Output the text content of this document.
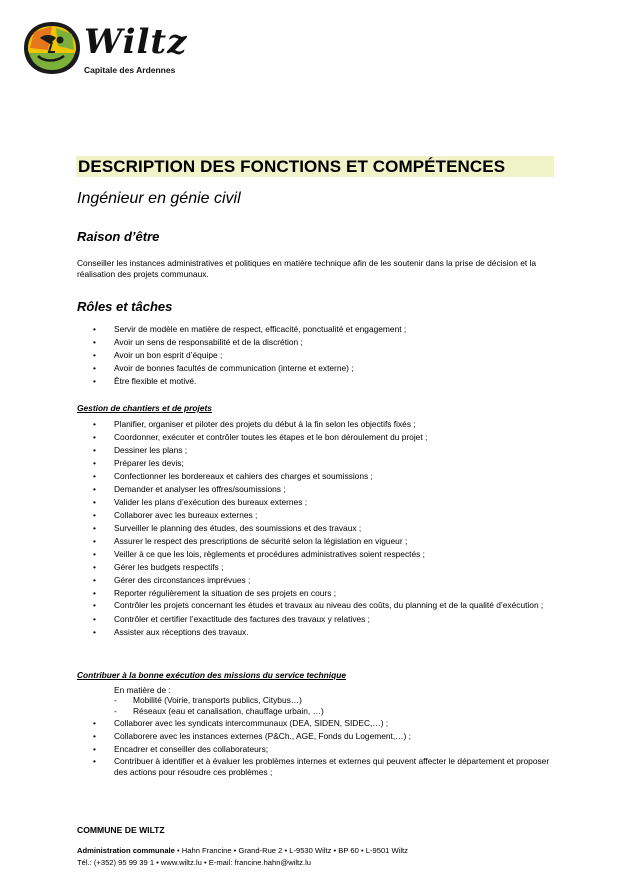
Wiltz
Capitale des Ardennes
DESCRIPTION DES FONCTIONS ET COMPÉTENCES
Ingénieur en génie civil
Raison d’être
Conseiller les instances administratives et politiques en matière technique afin de les soutenir dans la prise de décision et la réalisation des projets communaux.
Rôles et tâches
• Servir de modèle en matière de respect, efficacité, ponctualité et engagement ;
• Avoir un sens de responsabilité et de la discrétion ;
• Avoir un bon esprit d’équipe ;
• Avoir de bonnes facultés de communication (interne et externe) ;
• Être flexible et motivé.
Gestion de chantiers et de projets
• Planifier, organiser et piloter des projets du début à la fin selon les objectifs fixés ;
• Coordonner, exécuter et contrôler toutes les étapes et le bon déroulement du projet ;
• Dessiner les plans ;
• Préparer les devis;
• Confectionner les bordereaux et cahiers des charges et soumissions ;
• Demander et analyser les offres/soumissions ;
• Valider les plans d’exécution des bureaux externes ;
• Collaborer avec les bureaux externes ;
• Surveiller le planning des études, des soumissions et des travaux ;
• Assurer le respect des prescriptions de sécurité selon la législation en vigueur ;
• Veiller à ce que les lois, règlements et procédures administratives soient respectés ;
• Gérer les budgets respectifs ;
• Gérer des circonstances imprévues ;
• Reporter régulièrement la situation de ses projets en cours ;
• Contrôler les projets concernant les études et travaux au niveau des coûts, du planning et de la qualité d’exécution ;
• Contrôler et certifier l’exactitude des factures des travaux y relatives ;
• Assister aux réceptions des travaux.
Contribuer à la bonne exécution des missions du service technique
En matière de :
- Mobilité (Voirie, transports publics, Citybus…)
- Réseaux (eau et canalisation, chauffage urbain, …)
• Collaborer avec les syndicats intercommunaux (DEA, SIDEN, SIDEC,…) ;
• Collaborere avec les instances externes (P&Ch., AGE, Fonds du Logement,…) ;
• Encadrer et conseiller des collaborateurs;
• Contribuer à identifier et à évaluer les problèmes internes et externes qui peuvent affecter le département et proposer des actions pour résoudre ces problèmes ;
COMMUNE DE WILTZ
Administration communale • Hahn Francine • Grand-Rue 2 • L-9530 Wiltz • BP 60 • L-9501 Wiltz
Tél.: (+352) 95 99 39 1 • www.wiltz.lu • E-mail: francine.hahn@wiltz.lu
